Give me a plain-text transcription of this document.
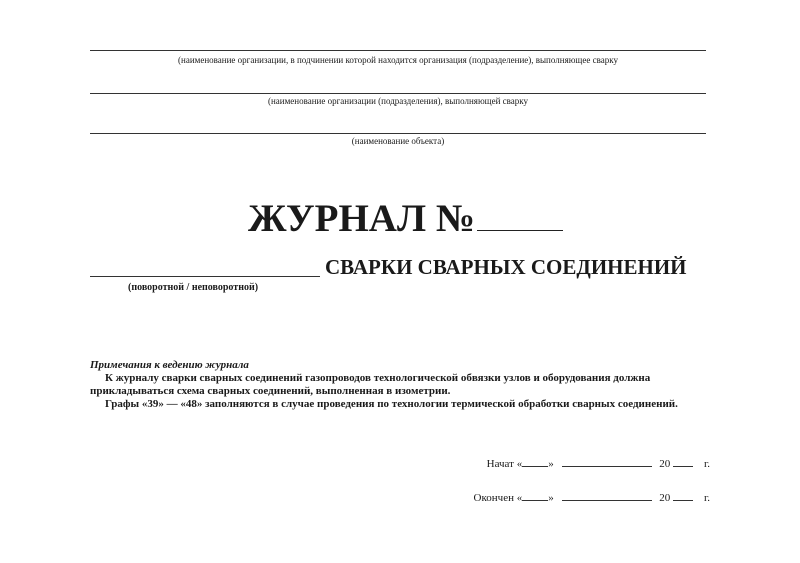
(наименование организации, в подчинении которой находится организация (подразделение), выполняющее сварку
(наименование организации (подразделения), выполняющей сварку
(наименование объекта)
ЖУРНАЛ №
СВАРКИ СВАРНЫХ СОЕДИНЕНИЙ
(поворотной / неповоротной)

Примечания к ведению журнала

К журналу сварки сварных соединений газопроводов технологической обвязки узлов и оборудования должна прикладываться схема сварных соединений, выполненная в изометрии.

Графы «39» — «48» заполняются в случае проведения по технологии термической обработки сварных соединений.

Начат « »	20	г.
Окончен « »	20	г.
